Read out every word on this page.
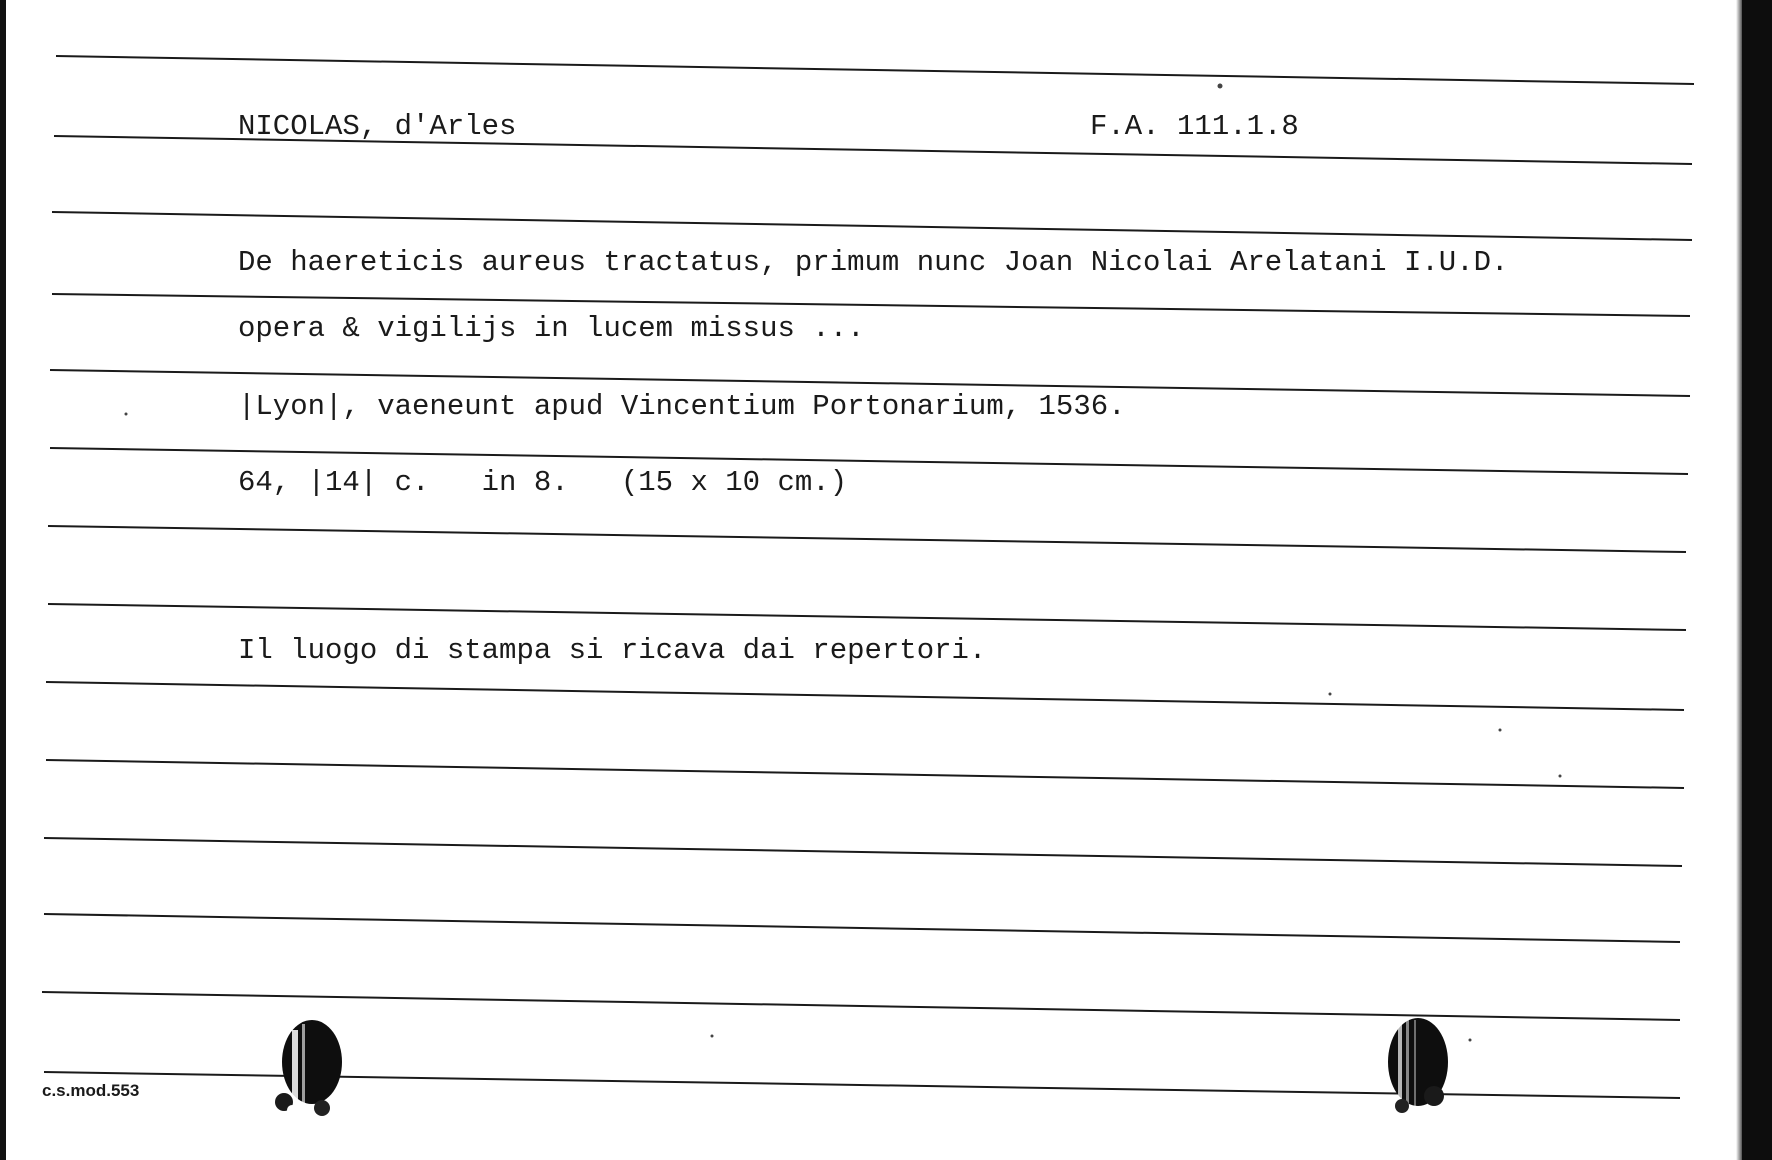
NICOLAS, d'Arles	F.A. 111.1.8
De haereticis aureus tractatus, primum nunc Joan Nicolai Arelatani I.U.D.
opera & vigilijs in lucem missus ...
|Lyon|, vaeneunt apud Vincentium Portonarium, 1536.
64, |14| c.   in 8.   (15 x 10 cm.)
Il luogo di stampa si ricava dai repertori.
c.s.mod.553
